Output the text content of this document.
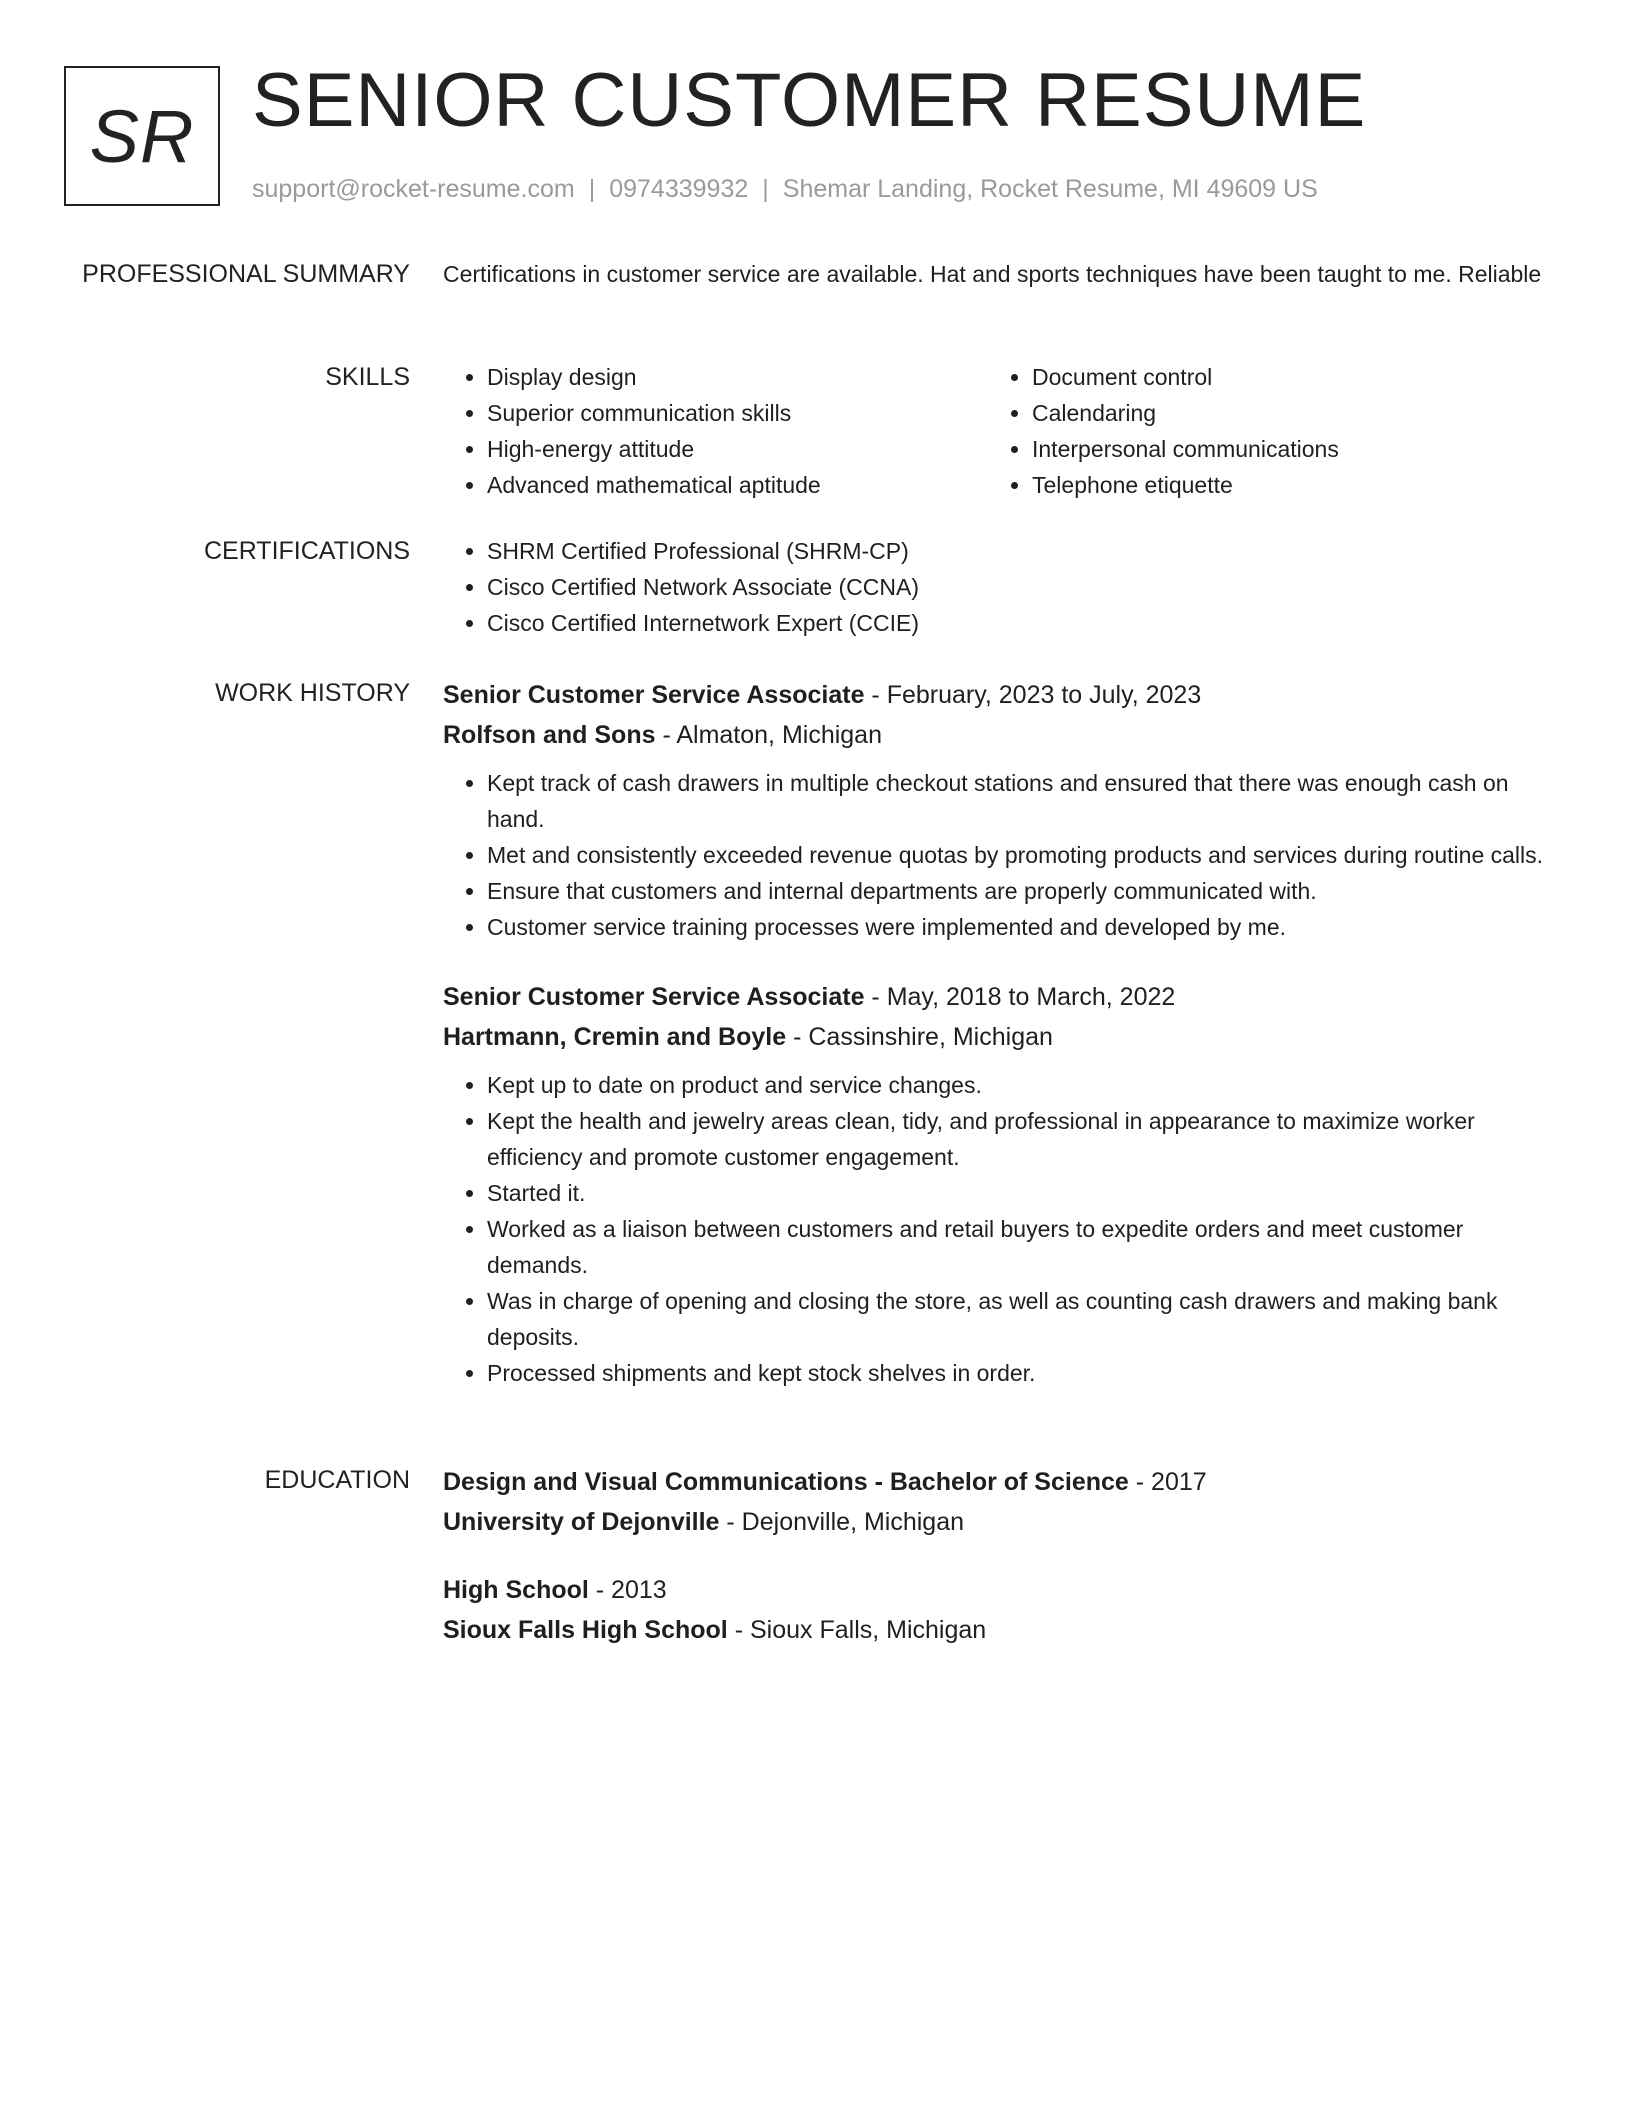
SR SENIOR CUSTOMER RESUME
support@rocket-resume.com | 0974339932 | Shemar Landing, Rocket Resume, MI 49609 US
PROFESSIONAL SUMMARY Certifications in customer service are available. Hat and sports techniques have been taught to me. Reliable
SKILLS	• Display design
• Superior communication skills
• High-energy attitude
• Advanced mathematical aptitude
• Document control
• Calendaring
• Interpersonal communications
• Telephone etiquette
CERTIFICATIONS	• SHRM Certified Professional (SHRM-CP)
• Cisco Certified Network Associate (CCNA)
• Cisco Certified Internetwork Expert (CCIE)
WORK HISTORY Senior Customer Service Associate - February, 2023 to July, 2023
Rolfson and Sons - Almaton, Michigan
• Kept track of cash drawers in multiple checkout stations and ensured that there was enough cash on hand.
• Met and consistently exceeded revenue quotas by promoting products and services during routine calls.
• Ensure that customers and internal departments are properly communicated with.
• Customer service training processes were implemented and developed by me.
Senior Customer Service Associate - May, 2018 to March, 2022
Hartmann, Cremin and Boyle - Cassinshire, Michigan
• Kept up to date on product and service changes.
• Kept the health and jewelry areas clean, tidy, and professional in appearance to maximize worker efficiency and promote customer engagement.
• Started it.
• Worked as a liaison between customers and retail buyers to expedite orders and meet customer demands.
• Was in charge of opening and closing the store, as well as counting cash drawers and making bank deposits.
• Processed shipments and kept stock shelves in order.
EDUCATION Design and Visual Communications - Bachelor of Science - 2017
University of Dejonville - Dejonville, Michigan
High School - 2013
Sioux Falls High School - Sioux Falls, Michigan
